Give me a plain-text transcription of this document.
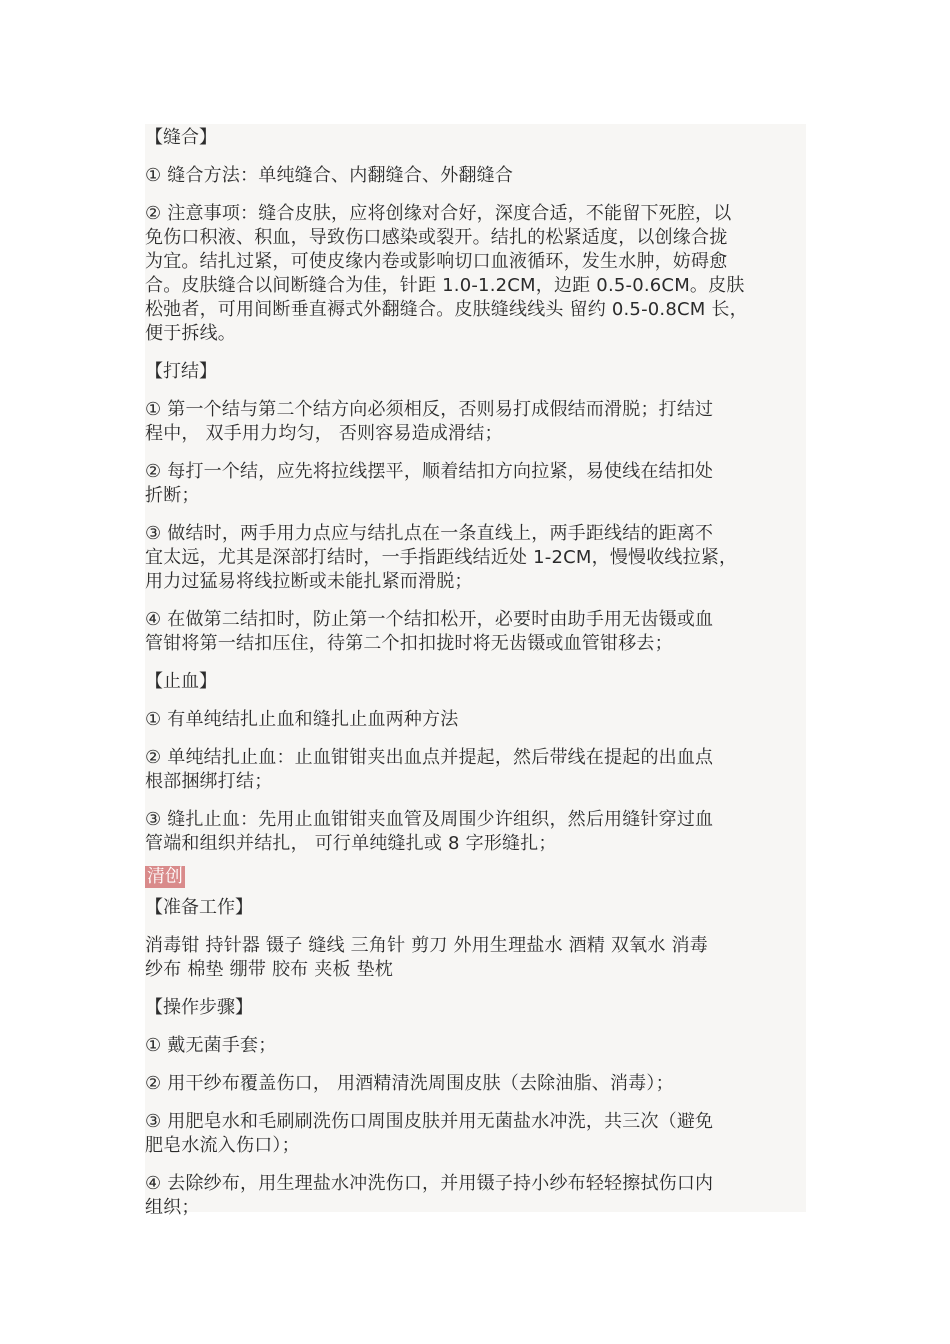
【缝合】

① 缝合方法：单纯缝合、内翻缝合、外翻缝合

② 注意事项：缝合皮肤，应将创缘对合好，深度合适，不能留下死腔，以

免伤口积液、积血，导致伤口感染或裂开。结扎的松紧适度，以创缘合拢

为宜。结扎过紧，可使皮缘内卷或影响切口血液循环，发生水肿，妨碍愈

合。皮肤缝合以间断缝合为佳，针距 1.0-1.2CM，边距 0.5-0.6CM。皮肤

松弛者，可用间断垂直褥式外翻缝合。皮肤缝线线头 留约 0.5-0.8CM 长，

便于拆线。

【打结】

① 第一个结与第二个结方向必须相反，否则易打成假结而滑脱；打结过

程中， 双手用力均匀， 否则容易造成滑结；

② 每打一个结，应先将拉线摆平，顺着结扣方向拉紧，易使线在结扣处

折断；

③ 做结时，两手用力点应与结扎点在一条直线上，两手距线结的距离不

宜太远，尤其是深部打结时，一手指距线结近处 1-2CM，慢慢收线拉紧，

用力过猛易将线拉断或未能扎紧而滑脱；

④ 在做第二结扣时，防止第一个结扣松开，必要时由助手用无齿镊或血

管钳将第一结扣压住，待第二个扣扣拢时将无齿镊或血管钳移去；

【止血】

① 有单纯结扎止血和缝扎止血两种方法

② 单纯结扎止血：止血钳钳夹出血点并提起，然后带线在提起的出血点

根部捆绑打结；

③ 缝扎止血：先用止血钳钳夹血管及周围少许组织，然后用缝针穿过血

管端和组织并结扎， 可行单纯缝扎或 8 字形缝扎；

清创

【准备工作】

消毒钳 持针器 镊子 缝线 三角针 剪刀 外用生理盐水 酒精 双氧水 消毒

纱布 棉垫 绷带 胶布 夹板 垫枕

【操作步骤】

① 戴无菌手套；

② 用干纱布覆盖伤口， 用酒精清洗周围皮肤（去除油脂、消毒）；

③ 用肥皂水和毛刷刷洗伤口周围皮肤并用无菌盐水冲洗，共三次（避免

肥皂水流入伤口）；

④ 去除纱布，用生理盐水冲洗伤口，并用镊子持小纱布轻轻擦拭伤口内

组织；
